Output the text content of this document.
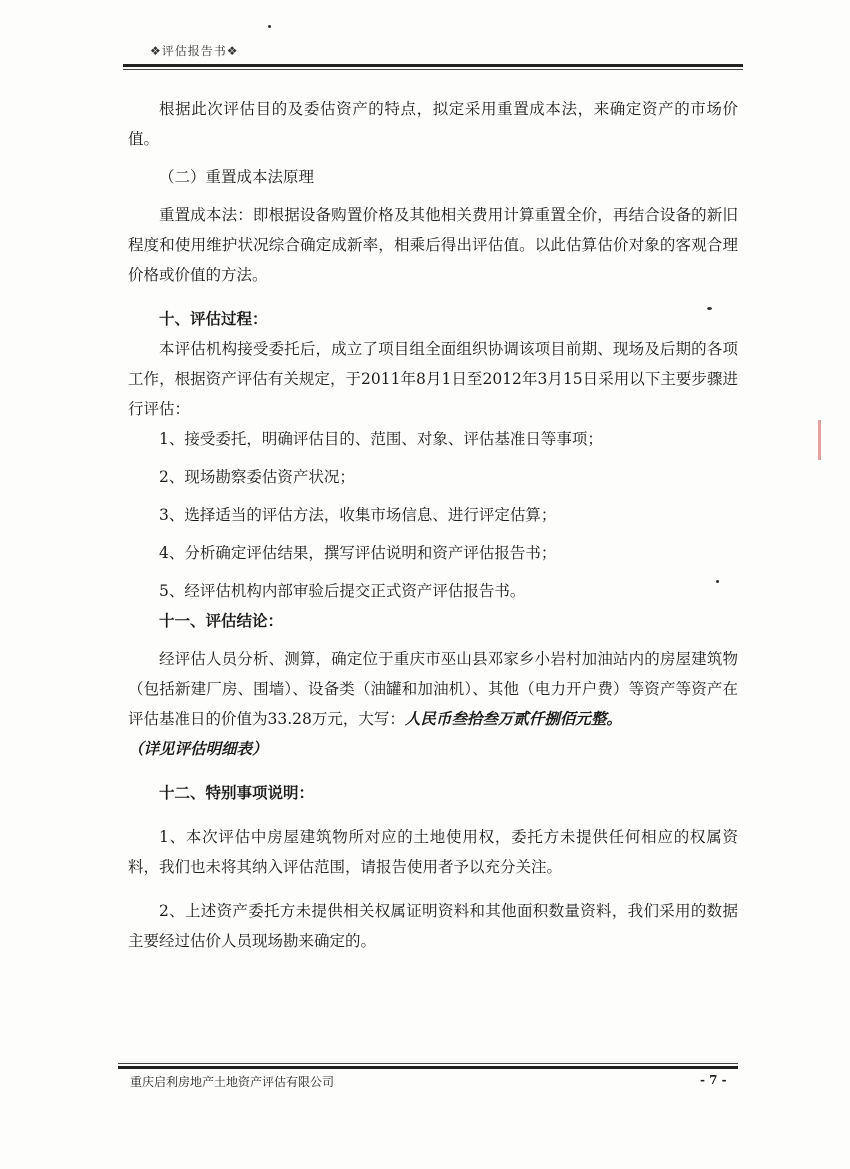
❖评估报告书❖

根据此次评估目的及委估资产的特点，拟定采用重置成本法，来确定资产的市场价值。

（二）重置成本法原理

重置成本法：即根据设备购置价格及其他相关费用计算重置全价，再结合设备的新旧程度和使用维护状况综合确定成新率，相乘后得出评估值。以此估算估价对象的客观合理价格或价值的方法。

十、评估过程：

本评估机构接受委托后，成立了项目组全面组织协调该项目前期、现场及后期的各项工作，根据资产评估有关规定，于2011年8月1日至2012年3月15日采用以下主要步骤进行评估：

1、接受委托，明确评估目的、范围、对象、评估基准日等事项；

2、现场勘察委估资产状况；

3、选择适当的评估方法，收集市场信息、进行评定估算；

4、分析确定评估结果，撰写评估说明和资产评估报告书；

5、经评估机构内部审验后提交正式资产评估报告书。

十一、评估结论：

经评估人员分析、测算，确定位于重庆市巫山县邓家乡小岩村加油站内的房屋建筑物（包括新建厂房、围墙）、设备类（油罐和加油机）、其他（电力开户费）等资产等资产在评估基准日的价值为33.28万元，大写：人民币叁拾叁万贰仟捌佰元整。

（详见评估明细表）

十二、特别事项说明：

1、本次评估中房屋建筑物所对应的土地使用权，委托方未提供任何相应的权属资料，我们也未将其纳入评估范围，请报告使用者予以充分关注。

2、上述资产委托方未提供相关权属证明资料和其他面积数量资料，我们采用的数据主要经过估价人员现场勘来确定的。

重庆启利房地产土地资产评估有限公司	- 7 -
